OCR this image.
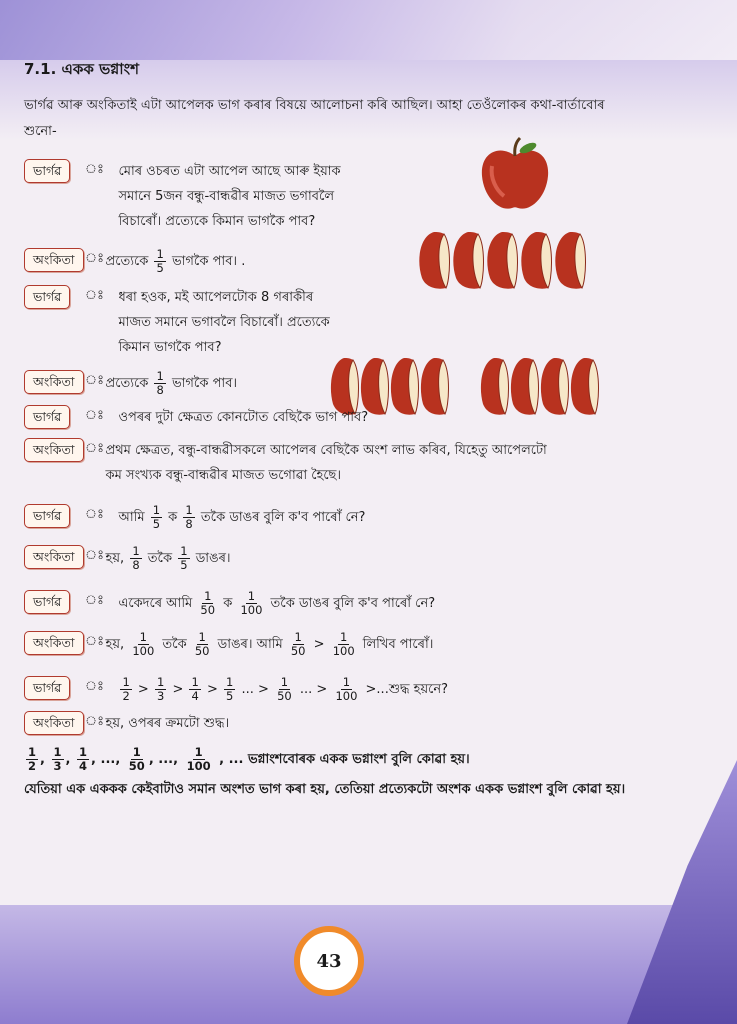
7.1. একক ভগ্নাংশ

ভাৰ্গৱ আৰু অংকিতাই এটা আপেলক ভাগ কৰাৰ বিষয়ে আলোচনা কৰি আছিল। আহা তেওঁলোকৰ কথা-বাৰ্তাবোৰ শুনো-

ভাৰ্গৱ	ঃ	মোৰ ওচৰত এটা আপেল আছে আৰু ইয়াক
সমানে 5জন বন্ধু-বান্ধৱীৰ মাজত ভগাবলৈ
বিচাৰোঁ। প্ৰত্যেকে কিমান ভাগকৈ পাব?
অংকিতা ঃ প্ৰত্যেকে $\frac{1}{5}$ ভাগকৈ পাব। .
ভাৰ্গৱ	ঃ	ধৰা হওক, মই আপেলটোক 8 গৰাকীৰ
মাজত সমানে ভগাবলৈ বিচাৰোঁ। প্ৰত্যেকে
কিমান ভাগকৈ পাব?
অংকিতা ঃ প্ৰত্যেকে $\frac{1}{8}$ ভাগকৈ পাব।
ভাৰ্গৱ	ঃ	ওপৰৰ দুটা ক্ষেত্ৰত কোনটোত বেছিকৈ ভাগ পাব?
অংকিতা ঃ প্ৰথম ক্ষেত্ৰত, বন্ধু-বান্ধৱীসকলে আপেলৰ বেছিকৈ অংশ লাভ কৰিব, যিহেতু আপেলটো
কম সংখ্যক বন্ধু-বান্ধৱীৰ মাজত ভগোৱা হৈছে।
ভাৰ্গৱ	ঃ	আমি $\frac{1}{5}$ ক $\frac{1}{8}$ তকৈ ডাঙৰ বুলি ক'ব পাৰোঁ নে?
অংকিতা ঃ হয়, $\frac{1}{8}$ তকৈ $\frac{1}{5}$ ডাঙৰ।
ভাৰ্গৱ	ঃ	একেদৰে আমি $\frac{1}{50}$ ক $\frac{1}{100}$ তকৈ ডাঙৰ বুলি ক'ব পাৰোঁ নে?
অংকিতা ঃ হয়, $\frac{1}{100}$ তকৈ $\frac{1}{50}$ ডাঙৰ। আমি $\frac{1}{50} > \frac{1}{100}$ লিখিব পাৰোঁ।
ভাৰ্গৱ	ঃ	$\frac{1}{2} > \frac{1}{3} > \frac{1}{4} > \frac{1}{5}$ ... > $\frac{1}{50}$ ... > $\frac{1}{100}$ >...শুদ্ধ হয়নে?
অংকিতা ঃ হয়, ওপৰৰ ক্ৰমটো শুদ্ধ।
$\frac{1}{2}$ , $\frac{1}{3}$ , $\frac{1}{4}$ , ..., $\frac{1}{50}$ , ..., $\frac{1}{100}$ , ... ভগ্নাংশবোৰক একক ভগ্নাংশ বুলি কোৱা হয়।
যেতিয়া এক এককক কেইবাটাও সমান অংশত ভাগ কৰা হয়, তেতিয়া প্ৰত্যেকটো অংশক একক ভগ্নাংশ বুলি কোৱা হয়।
43
